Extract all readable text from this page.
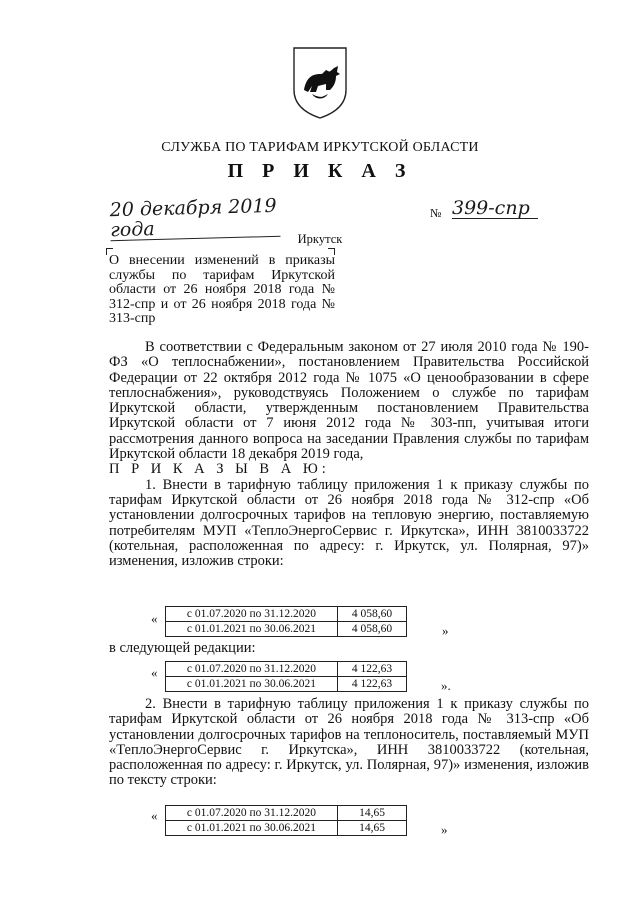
СЛУЖБА ПО ТАРИФАМ ИРКУТСКОЙ ОБЛАСТИ
П Р И К А З
20 декабря 2019 года
№ 399-спр
Иркутск
О внесении изменений в приказы службы по тарифам Иркутской области от 26 ноября 2018 года № 312-спр и от 26 ноября 2018 года № 313-спр

В соответствии с Федеральным законом от 27 июля 2010 года № 190-ФЗ «О теплоснабжении», постановлением Правительства Российской Федерации от 22 октября 2012 года № 1075 «О ценообразовании в сфере теплоснабжения», руководствуясь Положением о службе по тарифам Иркутской области, утвержденным постановлением Правительства Иркутской области от 7 июня 2012 года № 303-пп, учитывая итоги рассмотрения данного вопроса на заседании Правления службы по тарифам Иркутской области 18 декабря 2019 года,

П Р И К А З Ы В А Ю:

1. Внести в тарифную таблицу приложения 1 к приказу службы по тарифам Иркутской области от 26 ноября 2018 года № 312-спр «Об установлении долгосрочных тарифов на тепловую энергию, поставляемую потребителям МУП «ТеплоЭнергоСервис г. Иркутска», ИНН 3810033722 (котельная, расположенная по адресу: г. Иркутск, ул. Полярная, 97)» изменения, изложив строки:

«	с 01.07.2020 по 31.12.2020	4 058,60
с 01.01.2021 по 30.06.2021	4 058,60	»
в следующей редакции:
«	с 01.07.2020 по 31.12.2020	4 122,63
с 01.01.2021 по 30.06.2021	4 122,63	».

2. Внести в тарифную таблицу приложения 1 к приказу службы по тарифам Иркутской области от 26 ноября 2018 года № 313-спр «Об установлении долгосрочных тарифов на теплоноситель, поставляемый МУП «ТеплоЭнергоСервис г. Иркутска», ИНН 3810033722 (котельная, расположенная по адресу: г. Иркутск, ул. Полярная, 97)» изменения, изложив по тексту строки:

«	с 01.07.2020 по 31.12.2020	14,65
с 01.01.2021 по 30.06.2021	14,65	»
